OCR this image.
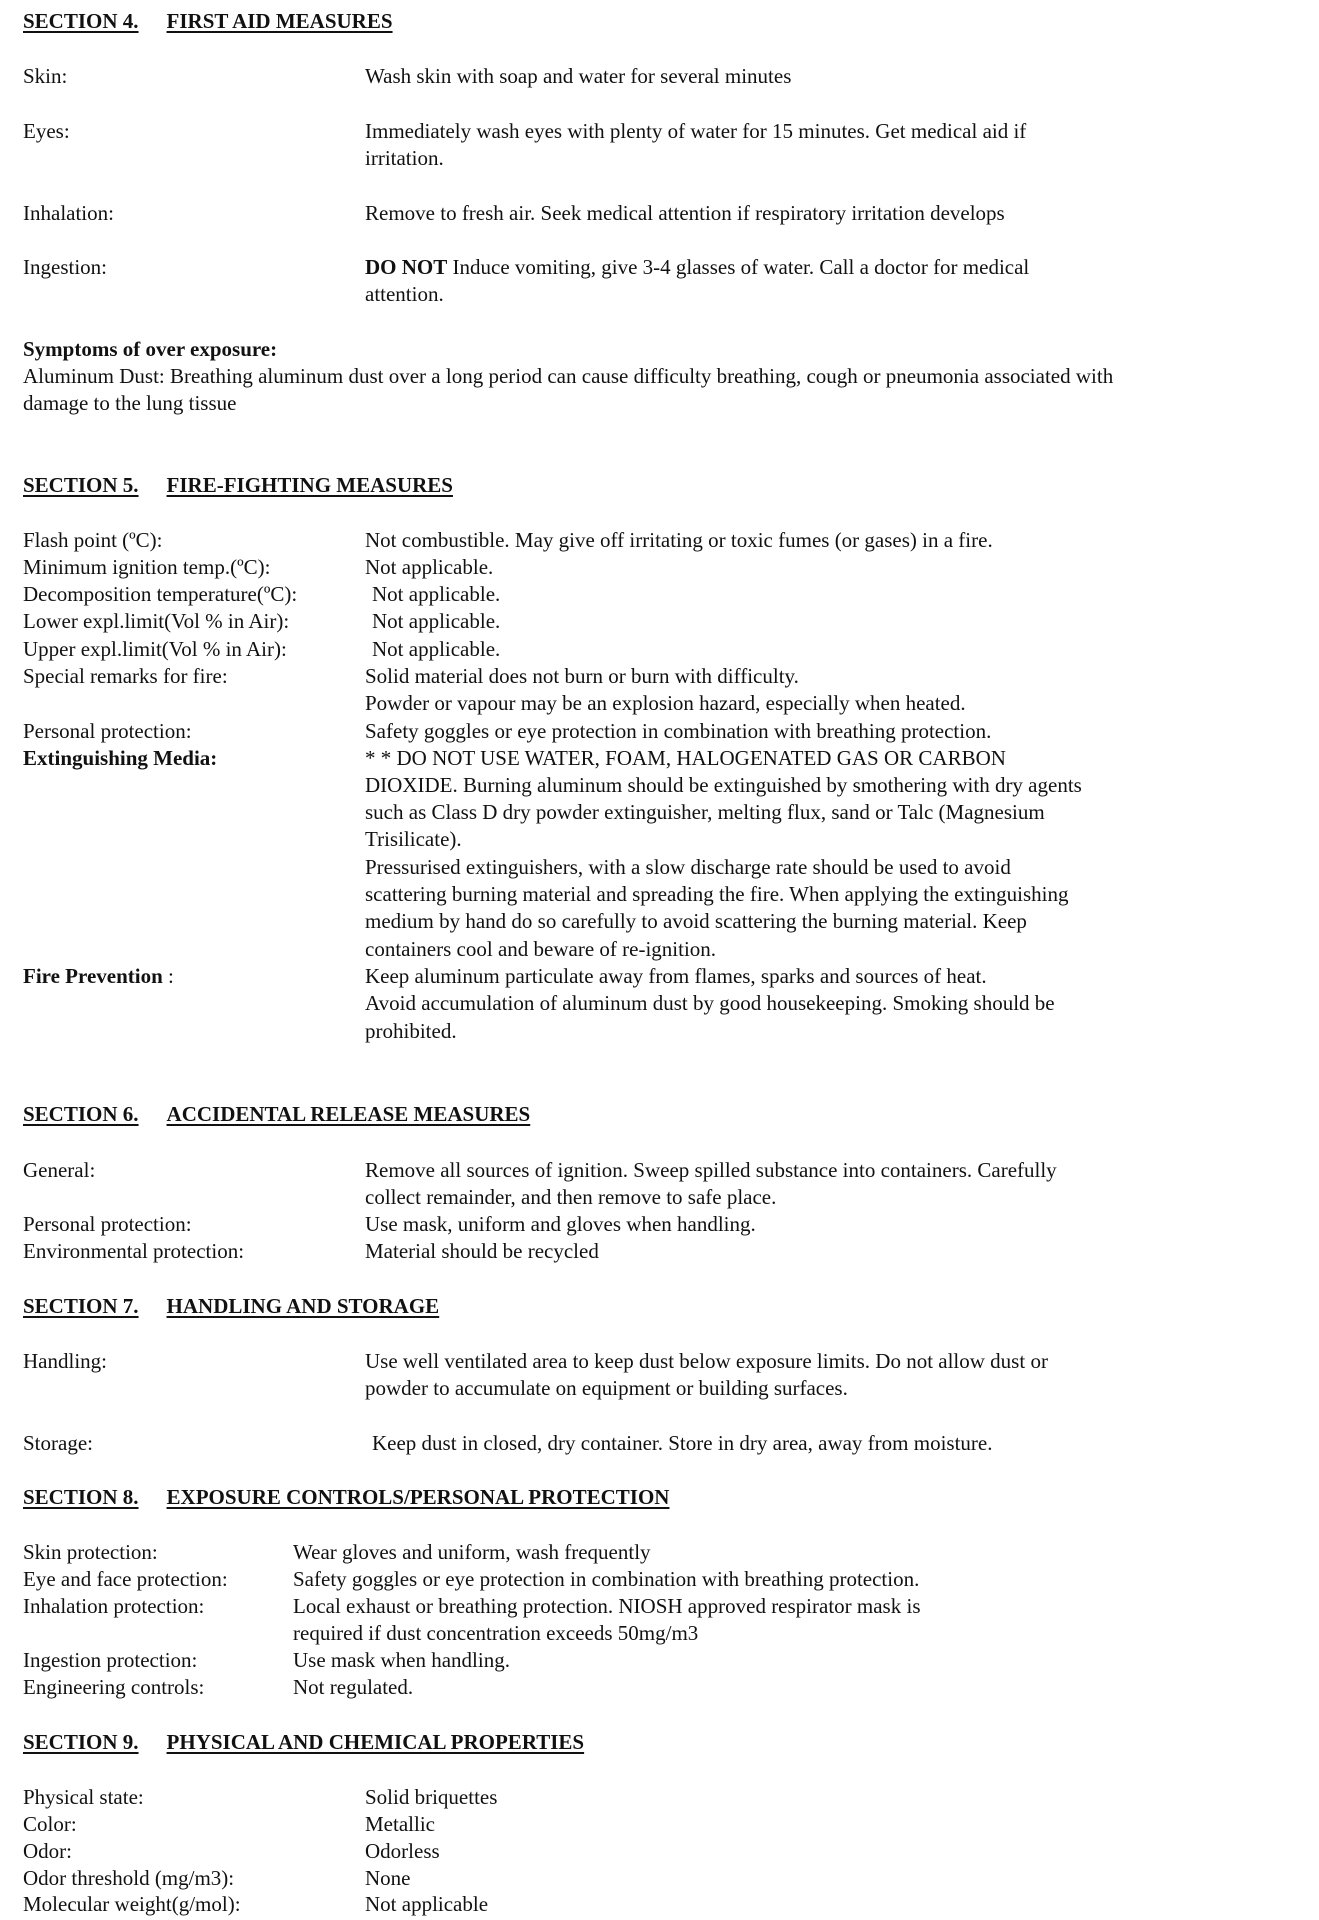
SECTION 4. FIRST AID MEASURES
Skin:	Wash skin with soap and water for several minutes
Eyes:	Immediately wash eyes with plenty of water for 15 minutes. Get medical aid if
irritation.
Inhalation:	Remove to fresh air. Seek medical attention if respiratory irritation develops
Ingestion:	DO NOT Induce vomiting, give 3-4 glasses of water. Call a doctor for medical
attention.
Symptoms of over exposure:
Aluminum Dust: Breathing aluminum dust over a long period can cause difficulty breathing, cough or pneumonia associated with
damage to the lung tissue
SECTION 5. FIRE-FIGHTING MEASURES
Flash point (ºC):	Not combustible. May give off irritating or toxic fumes (or gases) in a fire.
Minimum ignition temp.(ºC):	Not applicable.
Decomposition temperature(ºC):	Not applicable.
Lower expl.limit(Vol % in Air):	Not applicable.
Upper expl.limit(Vol % in Air):	Not applicable.
Special remarks for fire:	Solid material does not burn or burn with difficulty.
Powder or vapour may be an explosion hazard, especially when heated.
Personal protection:	Safety goggles or eye protection in combination with breathing protection.
Extinguishing Media:	* * DO NOT USE WATER, FOAM, HALOGENATED GAS OR CARBON
DIOXIDE. Burning aluminum should be extinguished by smothering with dry agents
such as Class D dry powder extinguisher, melting flux, sand or Talc (Magnesium
Trisilicate).
Pressurised extinguishers, with a slow discharge rate should be used to avoid
scattering burning material and spreading the fire. When applying the extinguishing
medium by hand do so carefully to avoid scattering the burning material. Keep
containers cool and beware of re-ignition.
Fire Prevention :	Keep aluminum particulate away from flames, sparks and sources of heat.
Avoid accumulation of aluminum dust by good housekeeping. Smoking should be
prohibited.
SECTION 6. ACCIDENTAL RELEASE MEASURES
General:	Remove all sources of ignition. Sweep spilled substance into containers. Carefully
collect remainder, and then remove to safe place.
Personal protection:	Use mask, uniform and gloves when handling.
Environmental protection:	Material should be recycled
SECTION 7. HANDLING AND STORAGE
Handling:	Use well ventilated area to keep dust below exposure limits. Do not allow dust or
powder to accumulate on equipment or building surfaces.
Storage:	Keep dust in closed, dry container. Store in dry area, away from moisture.
SECTION 8. EXPOSURE CONTROLS/PERSONAL PROTECTION
Skin protection:	Wear gloves and uniform, wash frequently
Eye and face protection:	Safety goggles or eye protection in combination with breathing protection.
Inhalation protection:	Local exhaust or breathing protection. NIOSH approved respirator mask is
required if dust concentration exceeds 50mg/m3
Ingestion protection:	Use mask when handling.
Engineering controls:	Not regulated.
SECTION 9. PHYSICAL AND CHEMICAL PROPERTIES
Physical state:	Solid briquettes
Color:	Metallic
Odor:	Odorless
Odor threshold (mg/m3):	None
Molecular weight(g/mol):	Not applicable
